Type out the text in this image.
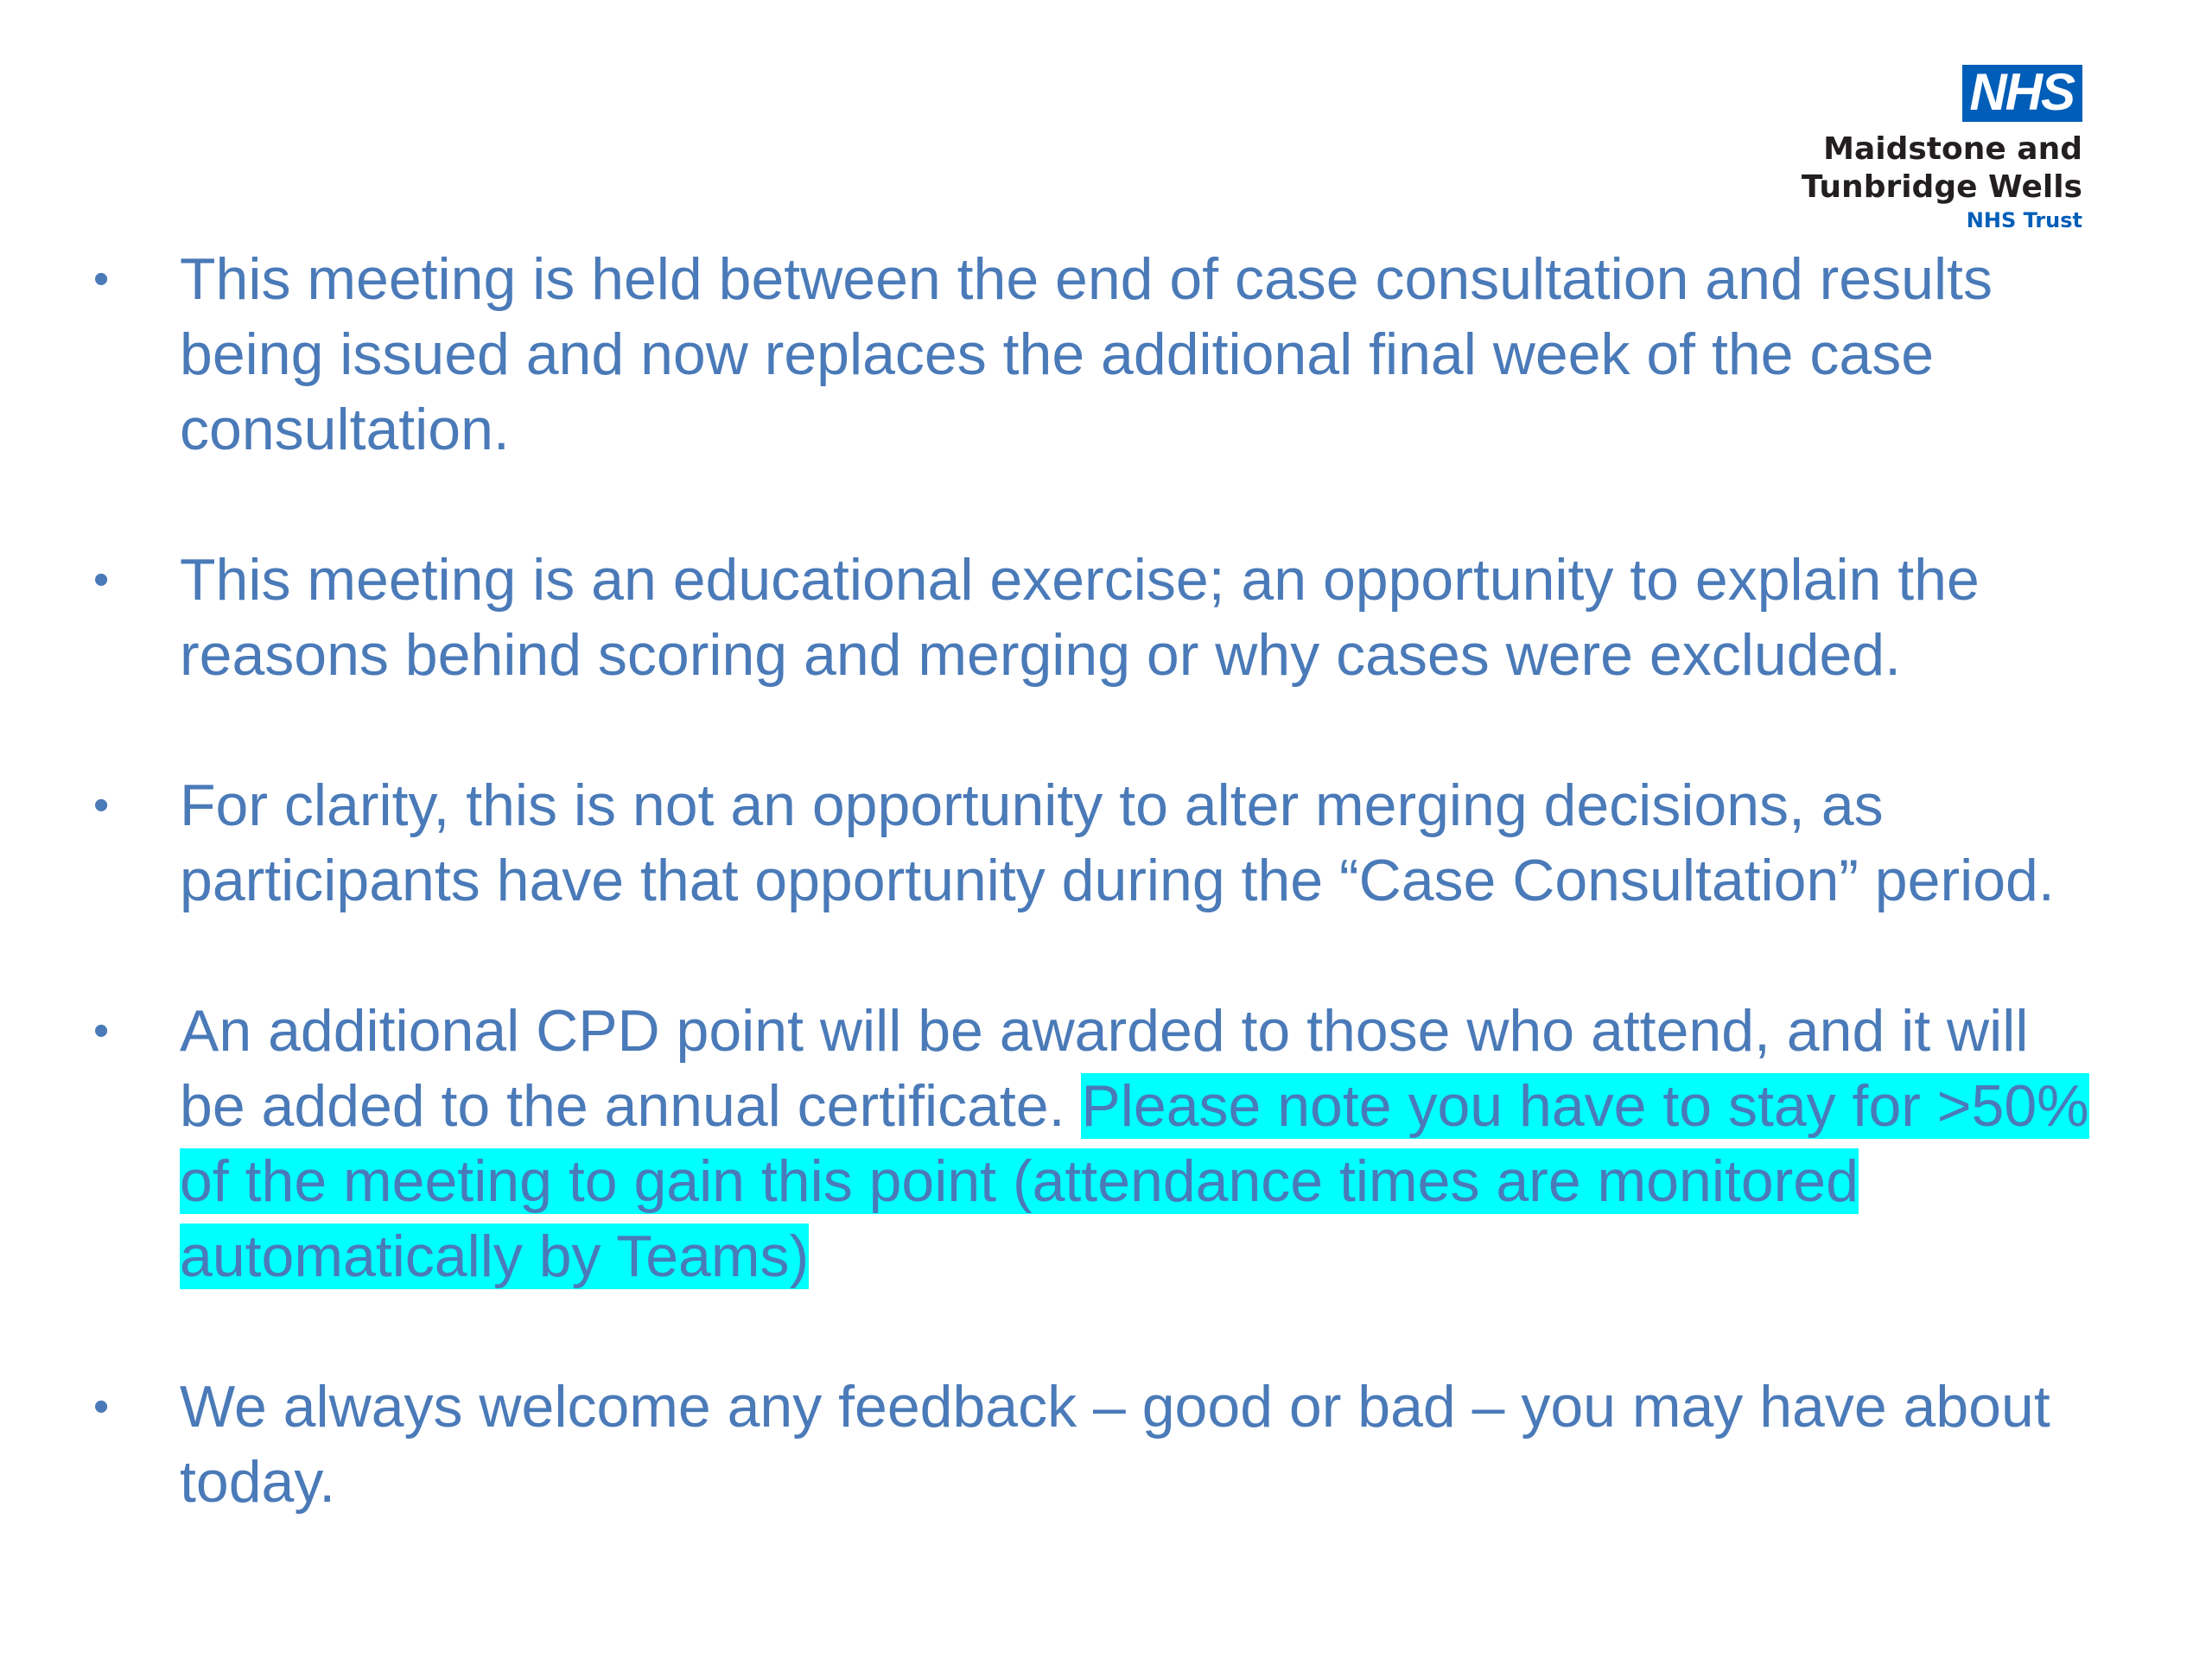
NHS
Maidstone and
Tunbridge Wells
NHS Trust
• This meeting is held between the end of case consultation and results being issued and now replaces the additional final week of the case consultation.
• This meeting is an educational exercise; an opportunity to explain the reasons behind scoring and merging or why cases were excluded.
• For clarity, this is not an opportunity to alter merging decisions, as participants have that opportunity during the “Case Consultation” period.
• An additional CPD point will be awarded to those who attend, and it will be added to the annual certificate. Please note you have to stay for >50% of the meeting to gain this point (attendance times are monitored automatically by Teams)
• We always welcome any feedback – good or bad – you may have about today.
